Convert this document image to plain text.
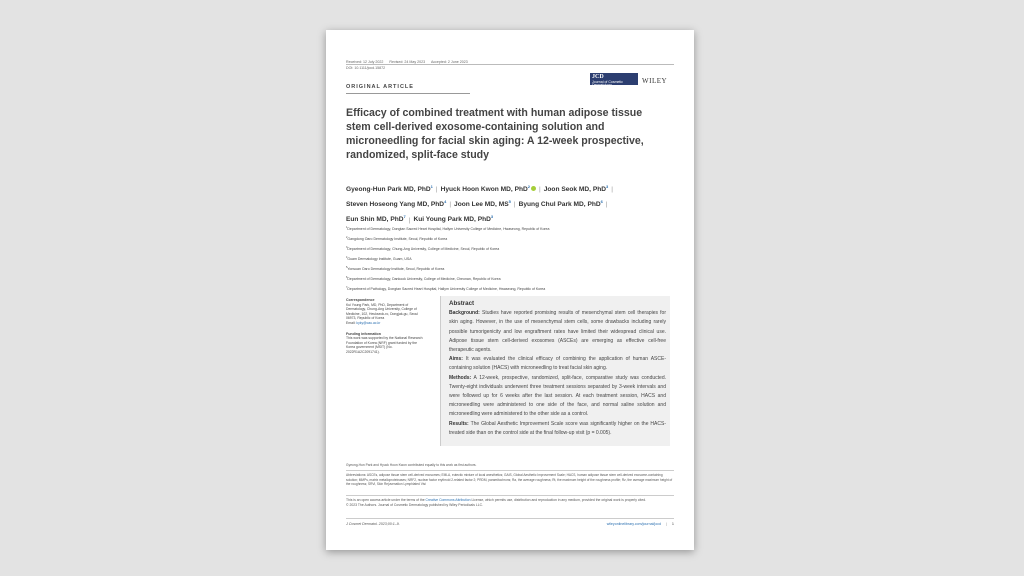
Received: 12 July 2022 Revised: 24 May 2023 Accepted: 2 June 2023
DOI: 10.1111/jocd.15872
JCD
Journal of Cosmetic Dermatology
WILEY
ORIGINAL ARTICLE
Efficacy of combined treatment with human adipose tissue stem cell-derived exosome-containing solution and microneedling for facial skin aging: A 12-week prospective, randomized, split-face study
Gyeong-Hun Park MD, PhD$^1$ | Hyuck Hoon Kwon MD, PhD$^2$ | Joon Seok MD, PhD$^3$ |
Steven Hoseong Yang MD, PhD$^4$ | Joon Lee MD, $MS^5$ | Byung Chul Park MD, PhD$^6$ |
Eun Shin MD, PhD$^7$ | Kui Young Park MD, PhD$^3$
$^1$Department of Dermatology, Dongtan Sacred Heart Hospital, Hallym University College of Medicine, Hwaseong, Republic of Korea
$^2$Gangdong Oaro Dermatology Institute, Seoul, Republic of Korea
$^3$Department of Dermatology, Chung-Ang University, College of Medicine, Seoul, Republic of Korea
$^4$Guam Dermatology Institute, Guam, USA
$^5$Yonsuan Oaro Dermatology Institute, Seoul, Republic of Korea
$^6$Department of Dermatology, Dankook University, College of Medicine, Cheonan, Republic of Korea
$^7$Department of Pathology, Dongtan Sacred Heart Hospital, Hallym University College of Medicine, Hwaseong, Republic of Korea
Correspondence
Kui Young Park, MD, PhD, Department of Dermatology, Chung-Ang University, College of Medicine, 102, Heukseok-ro, Dongjak-gu, Seoul 06973, Republic of Korea
Email: kyky@cau.ac.kr
Funding information
This work was supported by the National Research Foundation of Korea (NRF) grant funded by the Korea government (MSIT) (No. 2022R1A2C2091741).
Abstract
Background: Studies have reported promising results of mesenchymal stem cell therapies for skin aging. However, in the use of mesenchymal stem cells, some drawbacks including rarely possible tumorigenicity and low engraftment rates have limited their widespread clinical use. Adipose tissue stem cell-derived exosomes (ASCEs) are emerging as effective cell-free therapeutic agents.
Aims: It was evaluated the clinical efficacy of combining the application of human ASCE-containing solution (HACS) with microneedling to treat facial skin aging.
Methods: A 12-week, prospective, randomized, split-face, comparative study was conducted. Twenty-eight individuals underwent three treatment sessions separated by 3-week intervals and were followed up for 6 weeks after the last session. At each treatment session, HACS and microneedling were administered to one side of the face, and normal saline solution and microneedling were administered to the other side as a control.
Results: The Global Aesthetic Improvement Scale score was significantly higher on the HACS-treated side than on the control side at the final follow-up visit (p = 0.005).
Gyeong-Hun Park and Hyuck Hoon Kwon contributed equally to this work as first authors.
Abbreviations: ASCEs, adipose tissue stem cell-derived exosomes; EMLA, eutectic mixture of local anesthetics; GAIS, Global Aesthetic Improvement Scale; HACS, human adipose tissue stem cell-derived exosome-containing solution; MMPs, matrix metalloproteinases; NRF2, nuclear factor erythroid 2-related factor 2; PRDM, paramitochrons; Ra, the average roughness; Rt, the maximum height of the roughness profile; Rz, the average maximum height of the roughness; SRVi, Skin Rejuvenation Lymphlated Visi
This is an open access article under the terms of the Creative Commons Attribution License, which permits use, distribution and reproduction in any medium, provided the original work is properly cited.
© 2023 The Authors. Journal of Cosmetic Dermatology published by Wiley Periodicals LLC.
J Cosmet Dermatol. 2023;00:1–9.	wileyonlinelibrary.com/journal/jocd | 1
